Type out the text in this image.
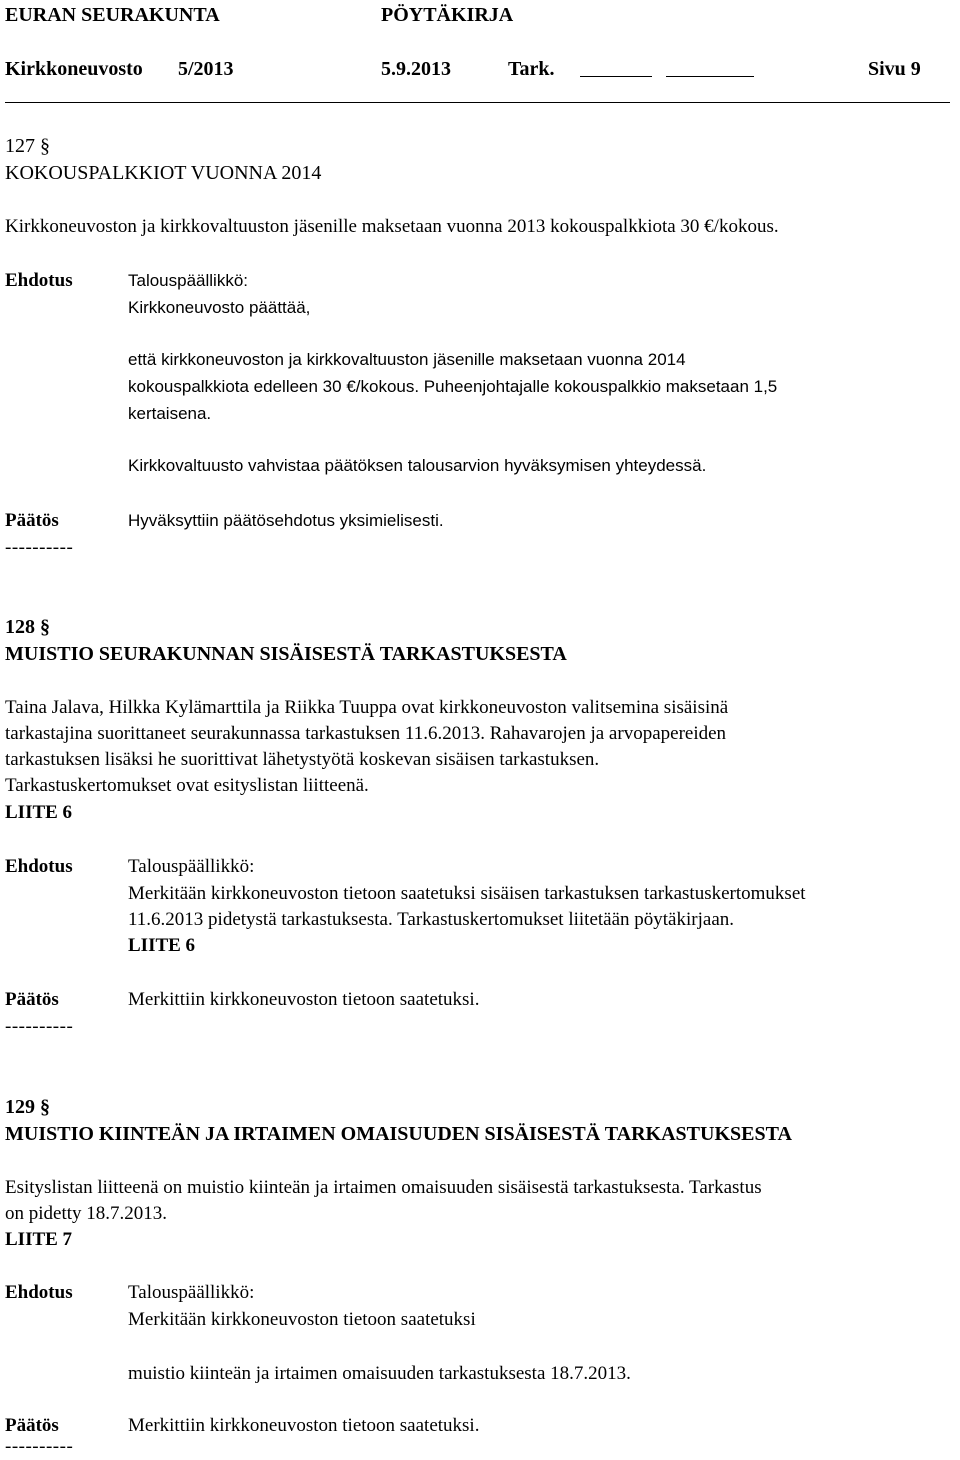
EURAN SEURAKUNTA	PÖYTÄKIRJA
Kirkkoneuvosto 5/2013	5.9.2013	Tark.	Sivu 9
127 §
KOKOUSPALKKIOT VUONNA 2014
Kirkkoneuvoston ja kirkkovaltuuston jäsenille maksetaan vuonna 2013 kokouspalkkiota 30 €/kokous.
Ehdotus	Talouspäällikkö:
Kirkkoneuvosto päättää,
että kirkkoneuvoston ja kirkkovaltuuston jäsenille maksetaan vuonna 2014
kokouspalkkiota edelleen 30 €/kokous. Puheenjohtajalle kokouspalkkio maksetaan 1,5
kertaisena.
Kirkkovaltuusto vahvistaa päätöksen talousarvion hyväksymisen yhteydessä.
Päätös	Hyväksyttiin päätösehdotus yksimielisesti.
----------
128 §
MUISTIO SEURAKUNNAN SISÄISESTÄ TARKASTUKSESTA
Taina Jalava, Hilkka Kylämarttila ja Riikka Tuuppa ovat kirkkoneuvoston valitsemina sisäisinä
tarkastajina suorittaneet seurakunnassa tarkastuksen 11.6.2013. Rahavarojen ja arvopapereiden
tarkastuksen lisäksi he suorittivat lähetystyötä koskevan sisäisen tarkastuksen.
Tarkastuskertomukset ovat esityslistan liitteenä.
LIITE 6
Ehdotus	Talouspäällikkö:
Merkitään kirkkoneuvoston tietoon saatetuksi sisäisen tarkastuksen tarkastuskertomukset
11.6.2013 pidetystä tarkastuksesta. Tarkastuskertomukset liitetään pöytäkirjaan.
LIITE 6
Päätös	Merkittiin kirkkoneuvoston tietoon saatetuksi.
----------
129 §
MUISTIO KIINTEÄN JA IRTAIMEN OMAISUUDEN SISÄISESTÄ TARKASTUKSESTA
Esityslistan liitteenä on muistio kiinteän ja irtaimen omaisuuden sisäisestä tarkastuksesta. Tarkastus
on pidetty 18.7.2013.
LIITE 7
Ehdotus	Talouspäällikkö:
Merkitään kirkkoneuvoston tietoon saatetuksi
muistio kiinteän ja irtaimen omaisuuden tarkastuksesta 18.7.2013.
Päätös	Merkittiin kirkkoneuvoston tietoon saatetuksi.
----------
